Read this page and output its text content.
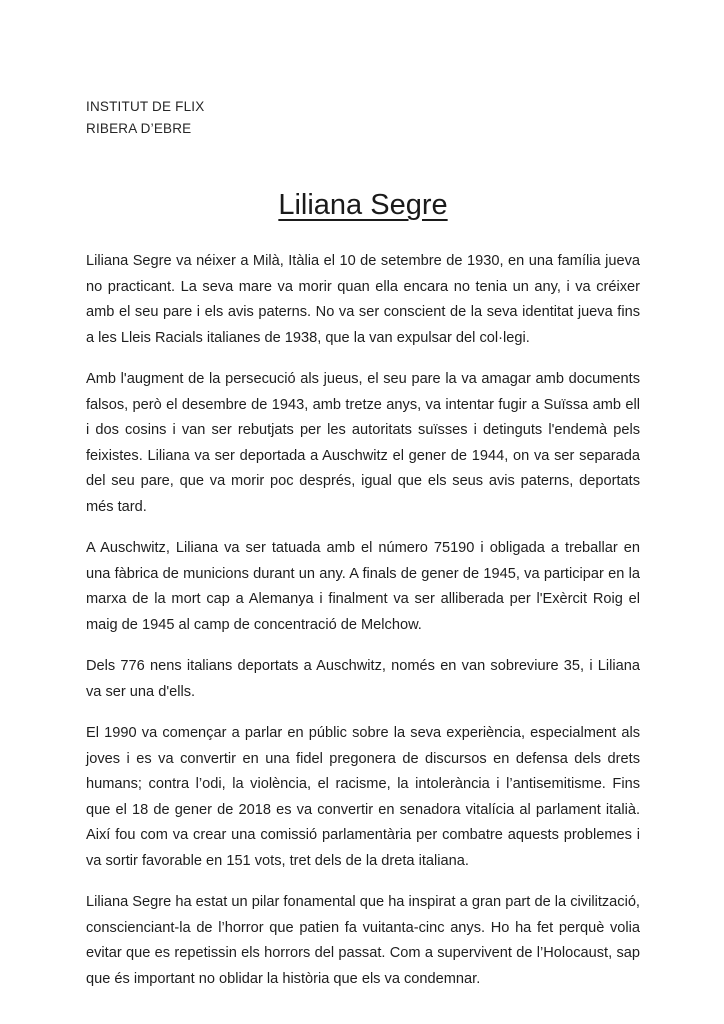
INSTITUT DE FLIX
RIBERA D’EBRE
Liliana Segre

Liliana Segre va néixer a Milà, Itàlia el 10 de setembre de 1930, en una família jueva no practicant. La seva mare va morir quan ella encara no tenia un any, i va créixer amb el seu pare i els avis paterns. No va ser conscient de la seva identitat jueva fins a les Lleis Racials italianes de 1938, que la van expulsar del col·legi.

Amb l'augment de la persecució als jueus, el seu pare la va amagar amb documents falsos, però el desembre de 1943, amb tretze anys, va intentar fugir a Suïssa amb ell i dos cosins i van ser rebutjats per les autoritats suïsses i detinguts l'endemà pels feixistes. Liliana va ser deportada a Auschwitz el gener de 1944, on va ser separada del seu pare, que va morir poc després, igual que els seus avis paterns, deportats més tard.

A Auschwitz, Liliana va ser tatuada amb el número 75190 i obligada a treballar en una fàbrica de municions durant un any. A finals de gener de 1945, va participar en la marxa de la mort cap a Alemanya i finalment va ser alliberada per l'Exèrcit Roig el maig de 1945 al camp de concentració de Melchow.

Dels 776 nens italians deportats a Auschwitz, només en van sobreviure 35, i Liliana va ser una d'ells.

El 1990 va començar a parlar en públic sobre la seva experiència, especialment als joves i es va convertir en una fidel pregonera de discursos en defensa dels drets humans; contra l’odi, la violència, el racisme, la intolerància i l’antisemitisme. Fins que el 18 de gener de 2018 es va convertir en senadora vitalícia al parlament italià. Així fou com va crear una comissió parlamentària per combatre aquests problemes i va sortir favorable en 151 vots, tret dels de la dreta italiana.

Liliana Segre ha estat un pilar fonamental que ha inspirat a gran part de la civilització, conscienciant-la de l’horror que patien fa vuitanta-cinc anys. Ho ha fet perquè volia evitar que es repetissin els horrors del passat. Com a supervivent de l’Holocaust, sap que és important no oblidar la història que els va condemnar.
